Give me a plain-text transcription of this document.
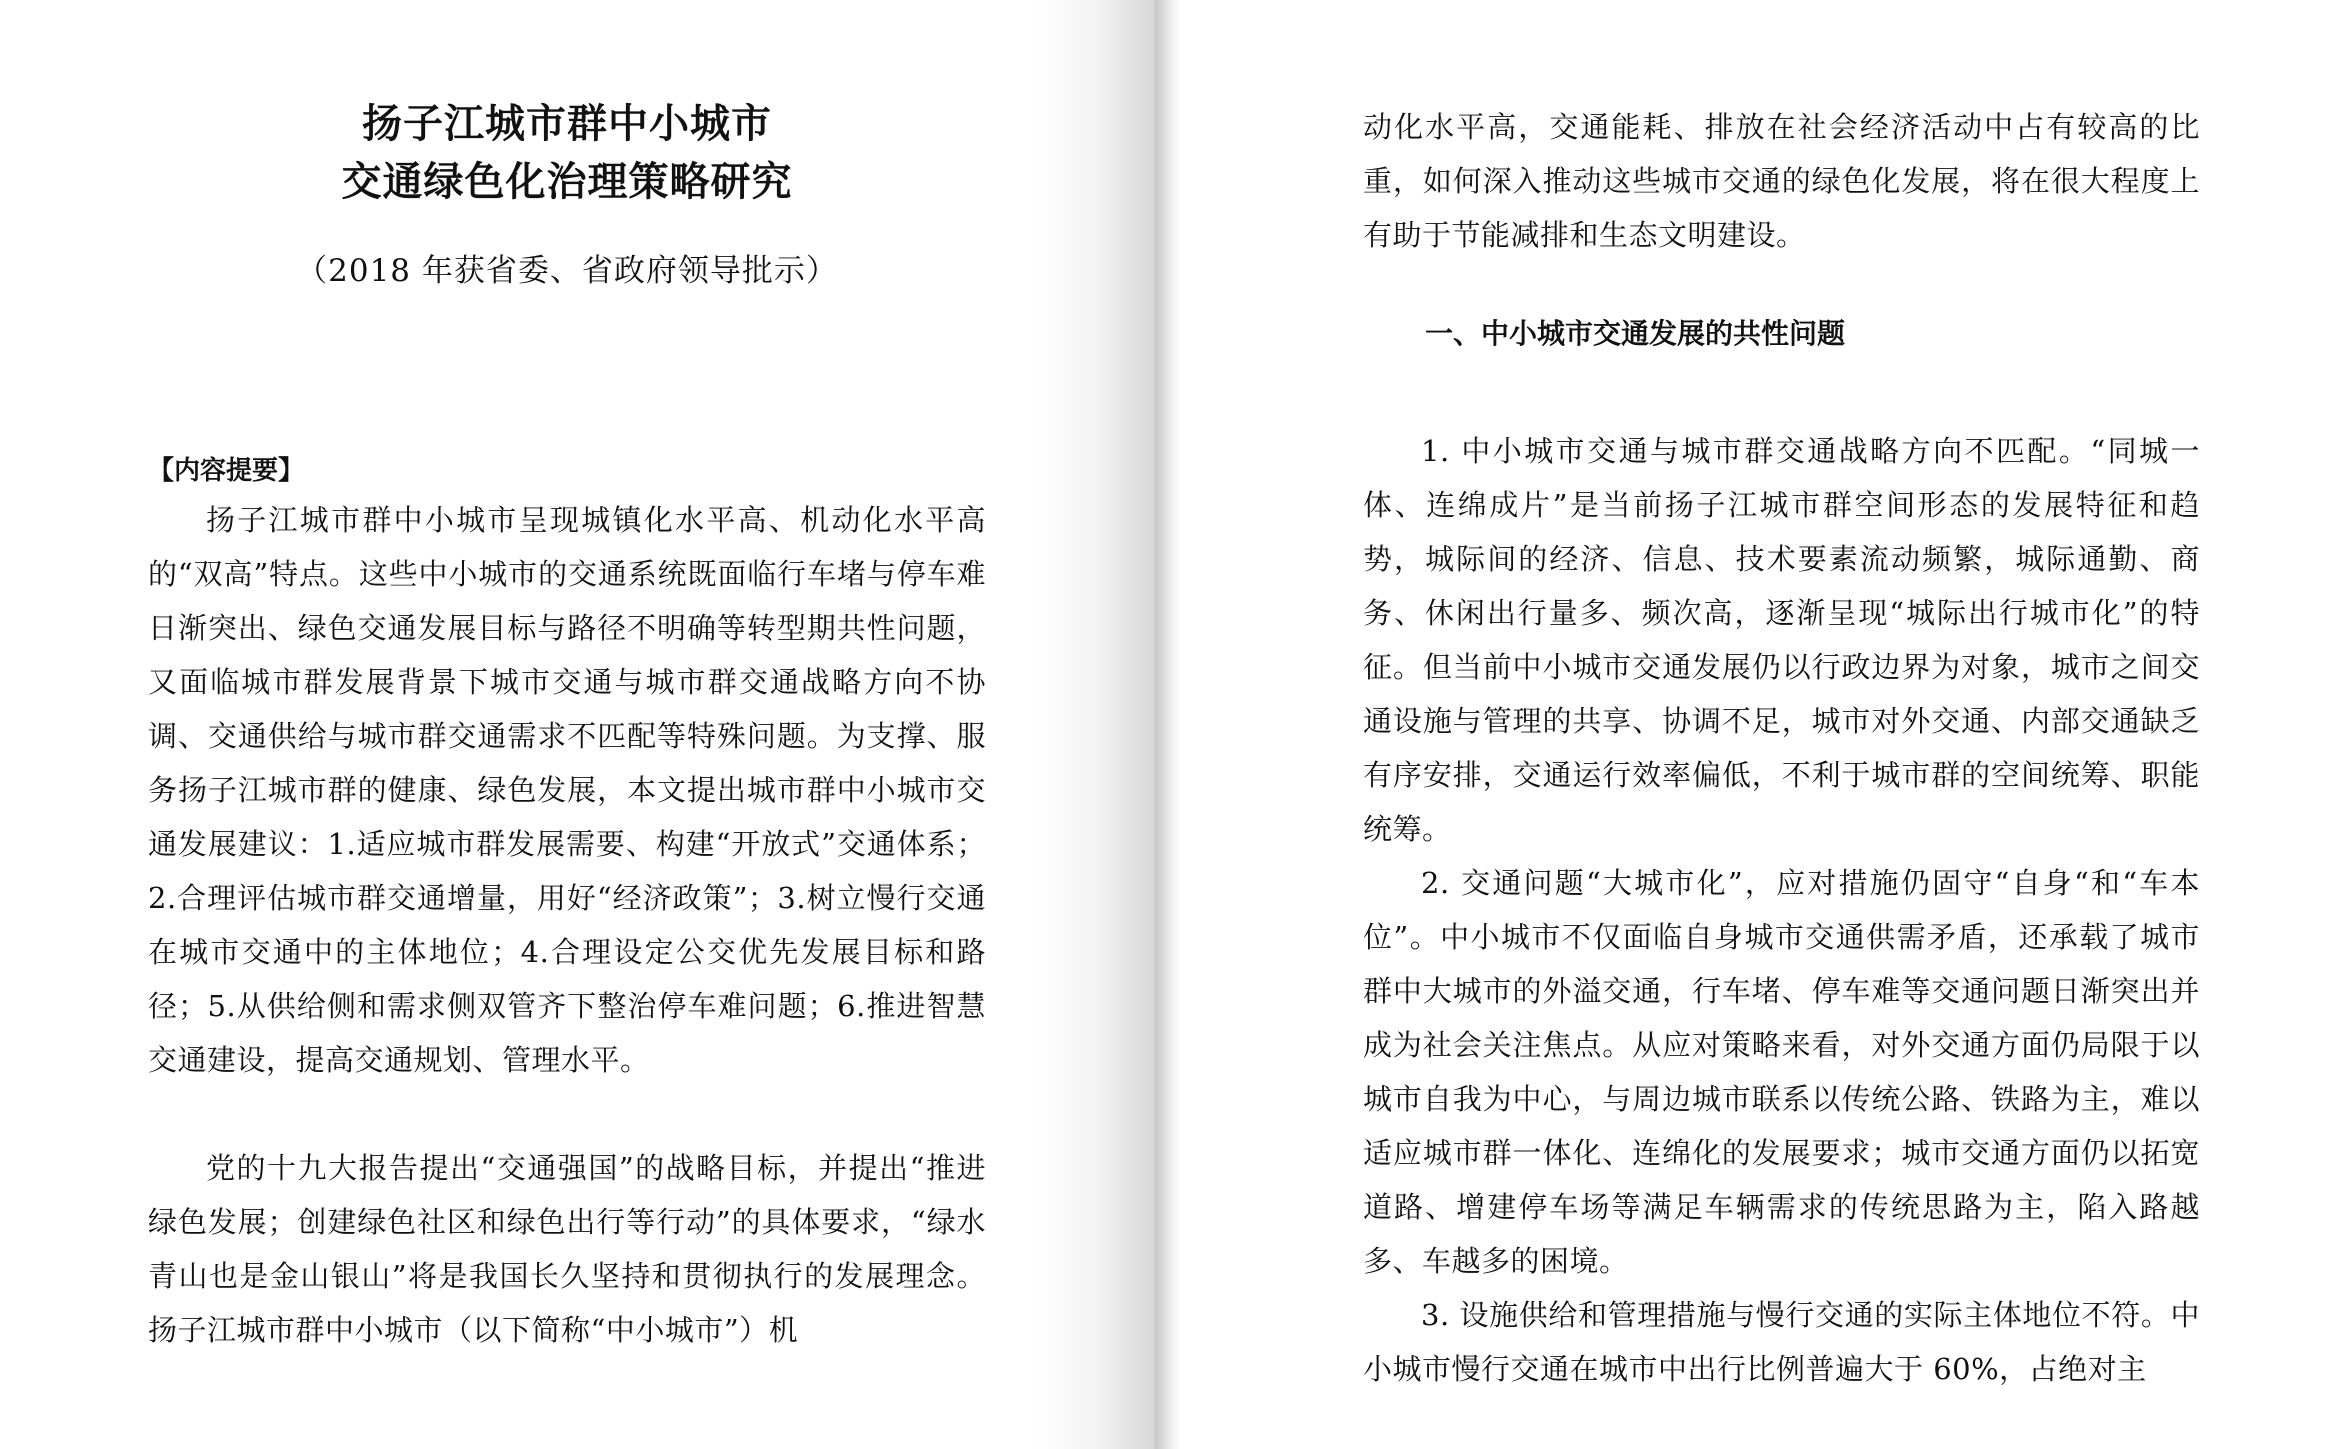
扬子江城市群中小城市
交通绿色化治理策略研究
（2018 年获省委、省政府领导批示）
【内容提要】

扬子江城市群中小城市呈现城镇化水平高、机动化水平高的“双高”特点。这些中小城市的交通系统既面临行车堵与停车难日渐突出、绿色交通发展目标与路径不明确等转型期共性问题，又面临城市群发展背景下城市交通与城市群交通战略方向不协调、交通供给与城市群交通需求不匹配等特殊问题。为支撑、服务扬子江城市群的健康、绿色发展，本文提出城市群中小城市交通发展建议：1.适应城市群发展需要、构建“开放式”交通体系；2.合理评估城市群交通增量，用好“经济政策”；3.树立慢行交通在城市交通中的主体地位；4.合理设定公交优先发展目标和路径；5.从供给侧和需求侧双管齐下整治停车难问题；6.推进智慧交通建设，提高交通规划、管理水平。

党的十九大报告提出“交通强国”的战略目标，并提出“推进绿色发展；创建绿色社区和绿色出行等行动”的具体要求，“绿水青山也是金山银山”将是我国长久坚持和贯彻执行的发展理念。扬子江城市群中小城市（以下简称“中小城市”）机

动化水平高，交通能耗、排放在社会经济活动中占有较高的比重，如何深入推动这些城市交通的绿色化发展，将在很大程度上有助于节能减排和生态文明建设。

一、中小城市交通发展的共性问题

1. 中小城市交通与城市群交通战略方向不匹配。“同城一体、连绵成片”是当前扬子江城市群空间形态的发展特征和趋势，城际间的经济、信息、技术要素流动频繁，城际通勤、商务、休闲出行量多、频次高，逐渐呈现“城际出行城市化”的特征。但当前中小城市交通发展仍以行政边界为对象，城市之间交通设施与管理的共享、协调不足，城市对外交通、内部交通缺乏有序安排，交通运行效率偏低，不利于城市群的空间统筹、职能统筹。

2. 交通问题“大城市化”，应对措施仍固守“自身“和“车本位”。中小城市不仅面临自身城市交通供需矛盾，还承载了城市群中大城市的外溢交通，行车堵、停车难等交通问题日渐突出并成为社会关注焦点。从应对策略来看，对外交通方面仍局限于以城市自我为中心，与周边城市联系以传统公路、铁路为主，难以适应城市群一体化、连绵化的发展要求；城市交通方面仍以拓宽道路、增建停车场等满足车辆需求的传统思路为主，陷入路越多、车越多的困境。

3. 设施供给和管理措施与慢行交通的实际主体地位不符。中小城市慢行交通在城市中出行比例普遍大于 60%，占绝对主
